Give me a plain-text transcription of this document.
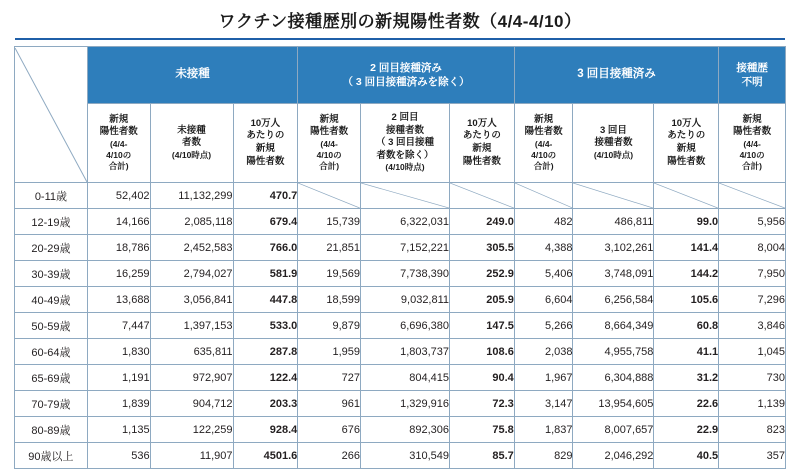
ワクチン接種歴別の新規陽性者数（4/4-4/10）
	未接種			2 回目接種済み
（ 3 回目接種済みを除く）			3 回目接種済み			接種歴
不明
	新規
陽性者数
(4/4-
4/10の
合計)	未接種
者数
(4/10時点)	10万人
あたりの
新規
陽性者数	新規
陽性者数
(4/4-
4/10の
合計)	2 回目
接種者数
（ 3 回目接種
者数を除く）
(4/10時点)	10万人
あたりの
新規
陽性者数	新規
陽性者数
(4/4-
4/10の
合計)	3 回目
接種者数
(4/10時点)	10万人
あたりの
新規
陽性者数	新規
陽性者数
(4/4-
4/10の
合計)

0-11歳	52,402	11,132,299	470.7	

12-19歳	14,166	2,085,118	679.4	15,739	6,322,031	249.0	482	486,811	99.0	5,956
20-29歳	18,786	2,452,583	766.0	21,851	7,152,221	305.5	4,388	3,102,261	141.4	8,004
30-39歳	16,259	2,794,027	581.9	19,569	7,738,390	252.9	5,406	3,748,091	144.2	7,950
40-49歳	13,688	3,056,841	447.8	18,599	9,032,811	205.9	6,604	6,256,584	105.6	7,296
50-59歳	7,447	1,397,153	533.0	9,879	6,696,380	147.5	5,266	8,664,349	60.8	3,846
60-64歳	1,830	635,811	287.8	1,959	1,803,737	108.6	2,038	4,955,758	41.1	1,045
65-69歳	1,191	972,907	122.4	727	804,415	90.4	1,967	6,304,888	31.2	730
70-79歳	1,839	904,712	203.3	961	1,329,916	72.3	3,147	13,954,605	22.6	1,139
80-89歳	1,135	122,259	928.4	676	892,306	75.8	1,837	8,007,657	22.9	823
90歳以上	536	11,907	4501.6	266	310,549	85.7	829	2,046,292	40.5	357
